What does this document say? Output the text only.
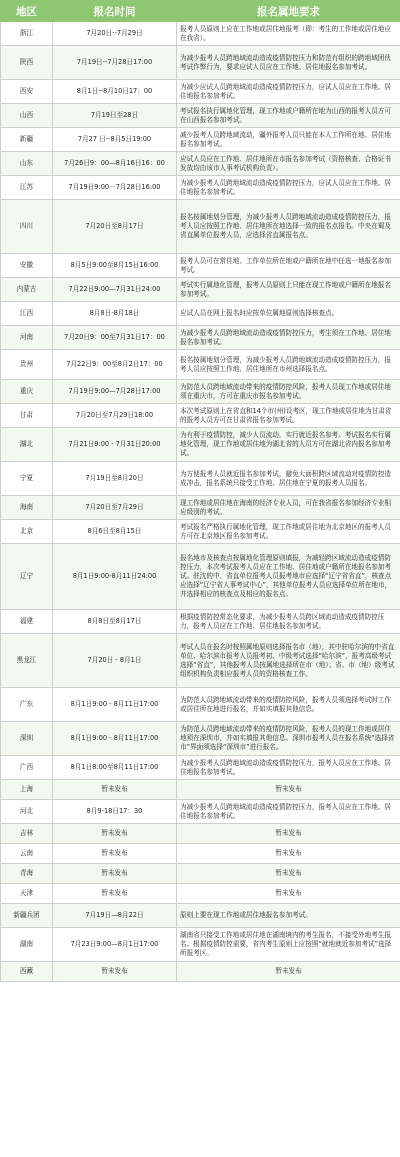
地区	报名时间	报名属地要求
浙江	7月20日--7月29日	报考人员原则上应在工作地或居住地报考（即：考生的工作地或居住地应在我省）。
陕西	7月19日--7月28日17:00	为减少报考人员跨地域流动造成疫情防控压力和防范有组织的跨地域团伙考试作弊行为，要求应试人员应在工作地、居住地报名参加考试。
西安	8月1日--8月10日17：00	为减少应试人员跨地域流动造成疫情防控压力，应试人员应在工作地、居住地报名参加考试。
山西	7月19日至28日	考试报名执行属地化管理，现工作地或户籍所在地为山西的报考人员方可在山西报名参加考试。
新疆	7月27 日--8月5日19:00	减少报考人员跨地域流动，疆外报考人员只能在本人工作所在地、居住地报名参加考试。
山东	7月26日9：00—8月16日16：00	应试人员应在工作地、居住地所在市报名参加考试（资格核查、合格证书发放均由该市人事考试机构负责）。
江苏	7月19日9:00－7月28日16:00	为减少报考人员跨地域流动造成疫情防控压力，应试人员应在工作地、居住地报名参加考试。
四川	7月20日至8月17日	报名按属地划分管理，为减少报考人员跨地域流动造成疫情防控压力，报考人员应按照工作地、居住地所在地选择一致的报名点报名。中央在蜀及省直属单位报考人员，应选择省直属报名点。
安徽	8月5日9:00至8月15日16:00	报考人员可在常住地、工作单位所在地或户籍所在地中任选一地报名参加考试。
内蒙古	7月22日9:00—7月31日24:00	考试实行属地化管理，报考人员原则上只能在现工作地或户籍所在地报名参加考试。
江西	8月8日-8月18日	应试人员在网上报名时应按单位属地原则选择核查点。
河南	7月20日9：00至7月31日17：00	为减少报考人员跨地域流动造成疫情防控压力，考生须在工作地、居住地报名参加考试。
贵州	7月22日9：00至8月2日17：00	报名按属地划分管理，为减少报考人员跨地域流动造成疫情防控压力，报考人员应按照工作地、居住地所在市州选择报名点。
重庆	7月19日9:00—7月28日17:00	为防范人员跨地域流动带来的疫情防控风险，报考人员现工作地或居住地须在重庆市，方可在重庆市报名参加考试。
甘肃	7月20日至7月29日18:00	本次考试原则上在省直和14个市(州)设考区，现工作地或居住地为甘肃省的报考人员方可在甘肃省报名参加考试。
湖北	7月21日9:00 - 7月31日20:00	为有利于疫情防控，减少人员流动，实行就近报名参考。考试报名实行属地化管理，现工作地或居住地为湖北省的人员方可在湖北省内报名参加考试。
宁夏	7月19日至8月20日	为方便报考人员就近报名参加考试，避免大面积跨区域流动对疫情防控造成冲击，报名系统只接受工作地、居住地在宁夏的报考人员报名。
海南	7月20日至7月29日	现工作地或居住地在海南的经济专业人员，可在我省报名参加经济专业相应级别的考试。
北京	8月6日至8月15日	考试报名严格执行属地化管理，现工作地或居住地为北京地区的报考人员方可在北京地区报名参加考试。
辽宁	8月1日9:00-8月11日24:00	报名地市及核查点按属地化管理原则填报，为减轻跨区域流动造成疫情防控压力，本次考试报考人员应在工作地、居住地或户籍所在地报名参加考试。驻沈的中、省直单位报考人员报考地市应选择“辽宁省省直”，核查点应选择“辽宁省人事考试中心”，其他单位报考人员应选择单位所在地市，并选择相应的核查点及相应的报名点。
福建	8月8日至8月17日	根据疫情防控常态化要求，为减少报考人员跨区域流动造成疫情防控压力，报考人员应在工作地、居住地报名参加考试。
黑龙江	7月20日 - 8月1日	考试人员在报名时按照属地原则选择报名市（地），其中驻哈尔滨的中省直单位、哈尔滨市报考人员报考初、中级考试选择“哈尔滨”，报考高级考试选择“省直”，其他报考人员按属地选择所在市（地）；省、市（地）级考试组织机构负责相应报考人员的资格核查工作。
广东	8月1日9:00 - 8月11日17:00	为防范人员跨地域流动带来的疫情防控风险，报考人员须选择考试时工作或居住所在地进行报名，并如实填报其他信息。
深圳	8月1日9:00 - 8月11日17:00	为防范人员跨地域流动带来的疫情防控风险，报考人员的现工作地或居住地须在深圳市，并如实填报其他信息。深圳市报考人员在报名系统“选择省市”界面须选择“深圳市”进行报名。
广西	8月1日8:00至8月11日17:00	为减少报考人员跨地域流动造成疫情防控压力，报考人员应在工作地、居住地报名参加考试。
上海	暂未发布	暂未发布
河北	8月9-18日17：30	为减少报考人员跨地域流动造成疫情防控压力，报考人员应在工作地、居住地报名参加考试。
吉林	暂未发布	暂未发布
云南	暂未发布	暂未发布
青海	暂未发布	暂未发布
天津	暂未发布	暂未发布
新疆兵团	7月19日—8月22日	原则上要在现工作地或居住地报名参加考试。
湖南	7月23日9:00—8月1日17:00	湖南省只接受工作地或居住地在湖南境内的考生报名，不接受外地考生报名。根据疫情防控需要，省内考生原则上应按照“就地就近参加考试”选择所报考区。
西藏	暂未发布	暂未发布
